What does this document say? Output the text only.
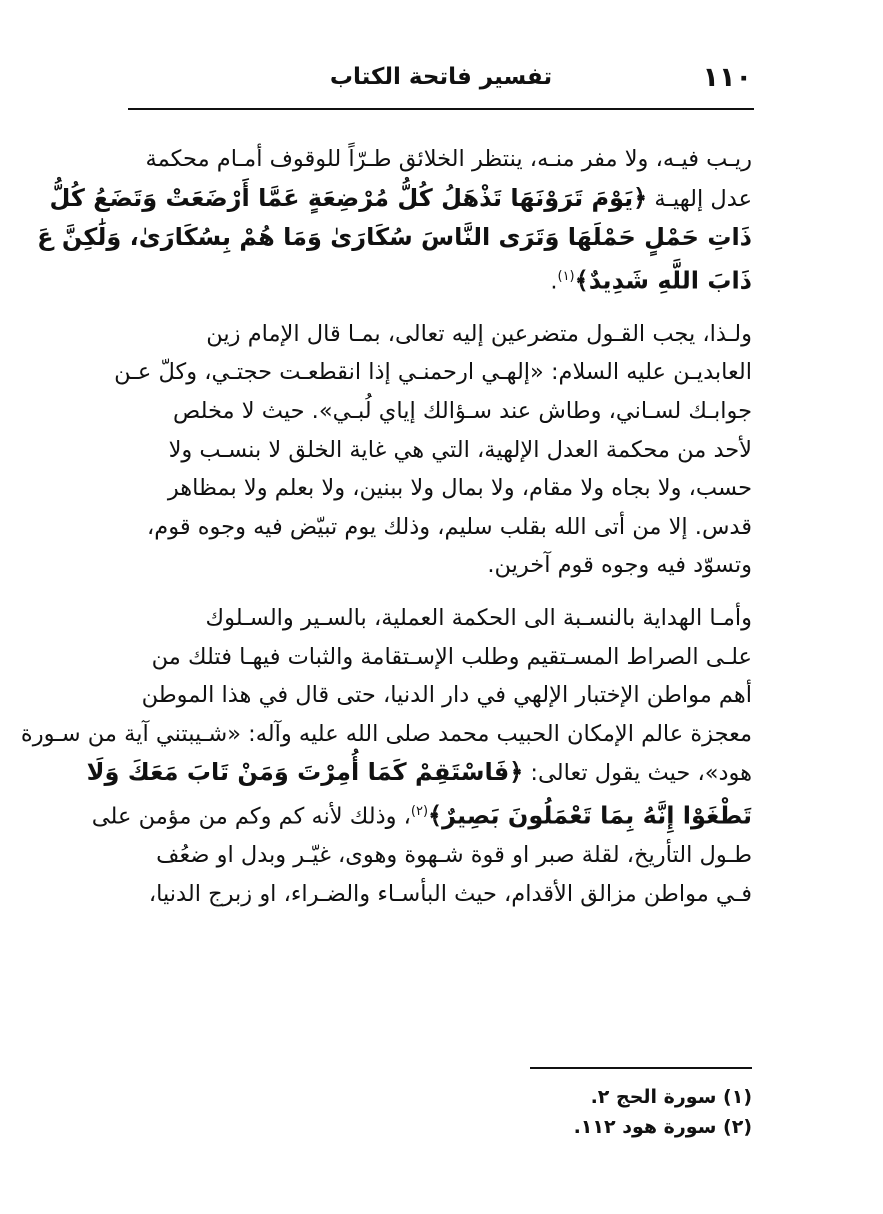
١١٠
تفسير فاتحة الكتاب

ريـب فيـه، ولا مفر منـه، ينتظر الخلائق طـرّاً للوقوف أمـام محكمة
عدل إلهيـة ﴿يَوْمَ تَرَوْنَهَا تَذْهَلُ كُلُّ مُرْضِعَةٍ عَمَّا أَرْضَعَتْ وَتَضَعُ كُلُّ
ذَاتِ حَمْلٍ حَمْلَهَا وَتَرَى النَّاسَ سُكَارَىٰ وَمَا هُمْ بِسُكَارَىٰ، وَلَٰكِنَّ عَ
ذَابَ اللَّهِ شَدِيدٌ﴾$^{(١)}$.

ولـذا، يجب القـول متضرعين إليه تعالى، بمـا قال الإمام زين
العابديـن عليه السلام: «إلهـي ارحمنـي إذا انقطعـت حجتـي، وكلّ عـن
جوابـك لسـاني، وطاش عند سـؤالك إياي لُبـي». حيث لا مخلص
لأحد من محكمة العدل الإلهية، التي هي غاية الخلق لا بنسـب ولا
حسب، ولا بجاه ولا مقام، ولا بمال ولا ببنين، ولا بعلم ولا بمظاهر
قدس. إلا من أتى الله بقلب سليم، وذلك يوم تبيّض فيه وجوه قوم،
وتسوّد فيه وجوه قوم آخرين.

وأمـا الهداية بالنسـبة الى الحكمة العملية، بالسـير والسـلوك
علـى الصراط المسـتقيم وطلب الإسـتقامة والثبات فيهـا فتلك من
أهم مواطن الإختبار الإلهي في دار الدنيا، حتى قال في هذا الموطن
معجزة عالم الإمكان الحبيب محمد صلى الله عليه وآله: «شـيبتني آية من سـورة
هود»، حيث يقول تعالى: ﴿فَاسْتَقِمْ كَمَا أُمِرْتَ وَمَنْ تَابَ مَعَكَ وَلَا
تَطْغَوْا إِنَّهُ بِمَا تَعْمَلُونَ بَصِيرٌ﴾$^{(٢)}$، وذلك لأنه كم وكم من مؤمن على
طـول التأريخ، لقلة صبر او قوة شـهوة وهوى، غيّـر وبدل او ضعُف
فـي مواطن مزالق الأقدام، حيث البأسـاء والضـراء، او زبرج الدنيا،

(١) سورة الحج ٢.
(٢) سورة هود ١١٢.
